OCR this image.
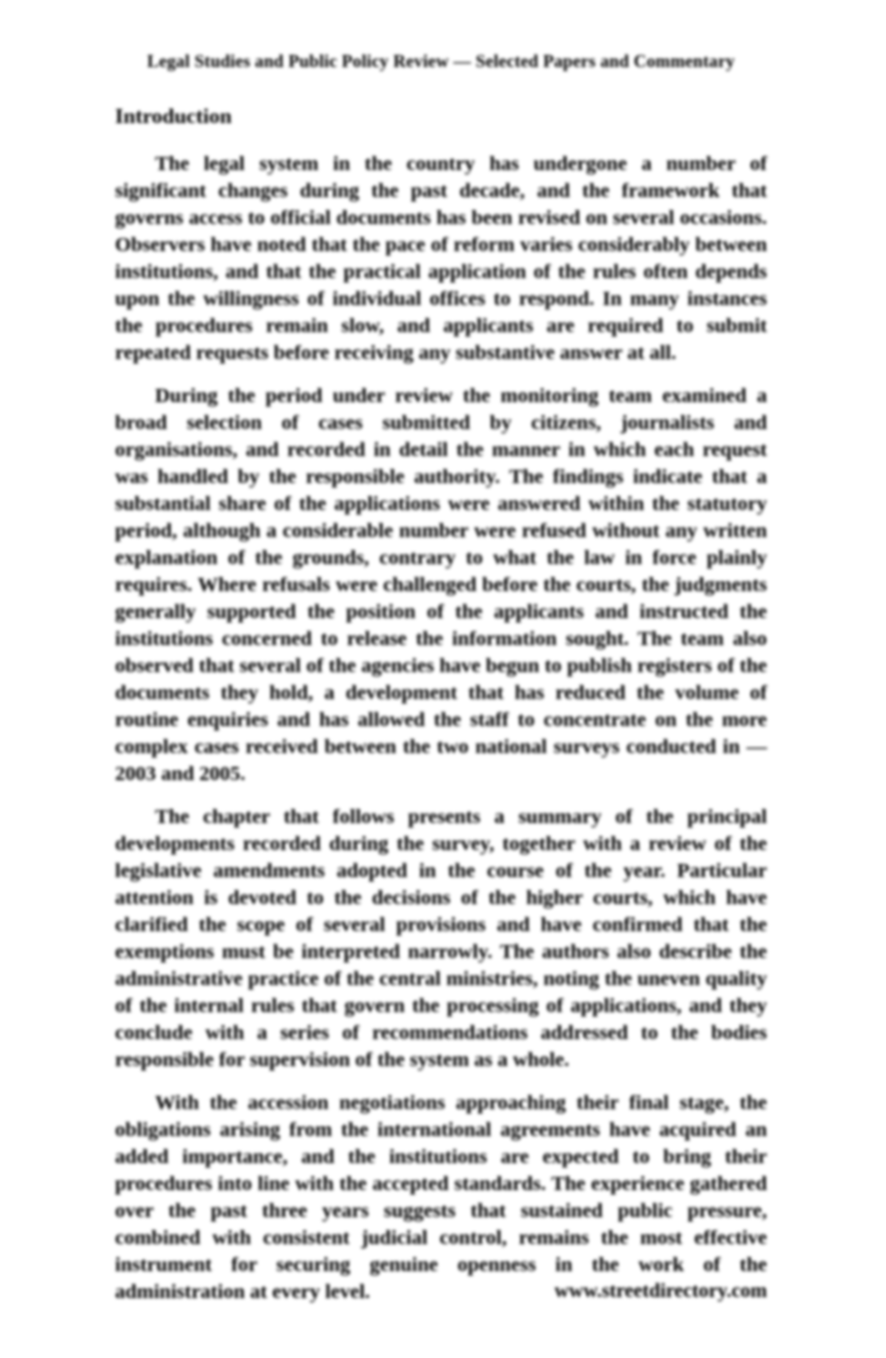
Legal Studies and Public Policy Review — Selected Papers and Commentary
Introduction

The legal system in the country has undergone a number of significant changes during the past decade, and the framework that governs access to official documents has been revised on several occasions. Observers have noted that the pace of reform varies considerably between institutions, and that the practical application of the rules often depends upon the willingness of individual offices to respond. In many instances the procedures remain slow, and applicants are required to submit repeated requests before receiving any substantive answer at all.

During the period under review the monitoring team examined a broad selection of cases submitted by citizens, journalists and organisations, and recorded in detail the manner in which each request was handled by the responsible authority. The findings indicate that a substantial share of the applications were answered within the statutory period, although a considerable number were refused without any written explanation of the grounds, contrary to what the law in force plainly requires. Where refusals were challenged before the courts, the judgments generally supported the position of the applicants and instructed the institutions concerned to release the information sought. The team also observed that several of the agencies have begun to publish registers of the documents they hold, a development that has reduced the volume of routine enquiries and has allowed the staff to concentrate on the more complex cases received between the two national surveys conducted in — 2003 and 2005.

The chapter that follows presents a summary of the principal developments recorded during the survey, together with a review of the legislative amendments adopted in the course of the year. Particular attention is devoted to the decisions of the higher courts, which have clarified the scope of several provisions and have confirmed that the exemptions must be interpreted narrowly. The authors also describe the administrative practice of the central ministries, noting the uneven quality of the internal rules that govern the processing of applications, and they conclude with a series of recommendations addressed to the bodies responsible for supervision of the system as a whole.

With the accession negotiations approaching their final stage, the obligations arising from the international agreements have acquired an added importance, and the institutions are expected to bring their procedures into line with the accepted standards. The experience gathered over the past three years suggests that sustained public pressure, combined with consistent judicial control, remains the most effective instrument for securing genuine openness in the work of the administration at every level.	www.streetdirectory.com
